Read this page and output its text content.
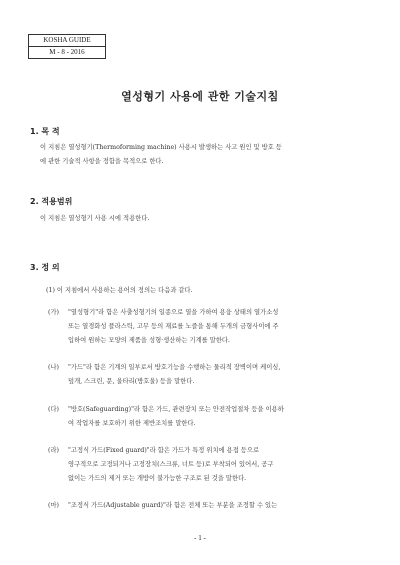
KOSHA GUIDE
M - 8 - 2016
열성형기 사용에 관한 기술지침
1. 목 적
이 지침은 열성형기(Thermoforming machine) 사용시 발생하는 사고 원인 및 방호 등
에 관한 기술적 사항을 정함을 목적으로 한다.
2. 적용범위
이 지침은 열성형기 사용 시에 적용한다.
3. 정 의
(1) 이 지침에서 사용하는 용어의 정의는 다음과 같다.
(가) "열성형기"라 함은 사출성형기의 일종으로 열을 가하여 용융 상태의 열가소성
또는 열경화성 플라스틱, 고무 등의 재료를 노즐을 통해 두개의 금형사이에 주
입하여 원하는 모양의 제품을 성형·생산하는 기계를 말한다.
(나) "가드"라 함은 기계의 일부로서 방호기능을 수행하는 물리적 장벽이며 케이싱,
덮개, 스크린, 문, 울타리(방호울) 등을 말한다.
(다) "방호(Safeguarding)"라 함은 가드, 관련장치 또는 안전작업절차 등을 이용하
여 작업자를 보호하기 위한 제반조치를 말한다.
(라) "고정식 가드(Fixed guard)"라 함은 가드가 특정 위치에 용접 등으로
영구적으로 고정되거나 고정장치(스크류, 너트 등)로 부착되어 있어서, 공구
없이는 가드의 제거 또는 개방이 불가능한 구조로 된 것을 말한다.
(마) "조정식 가드(Adjustable guard)"라 함은 전체 또는 부분을 조정할 수 있는
- 1 -
